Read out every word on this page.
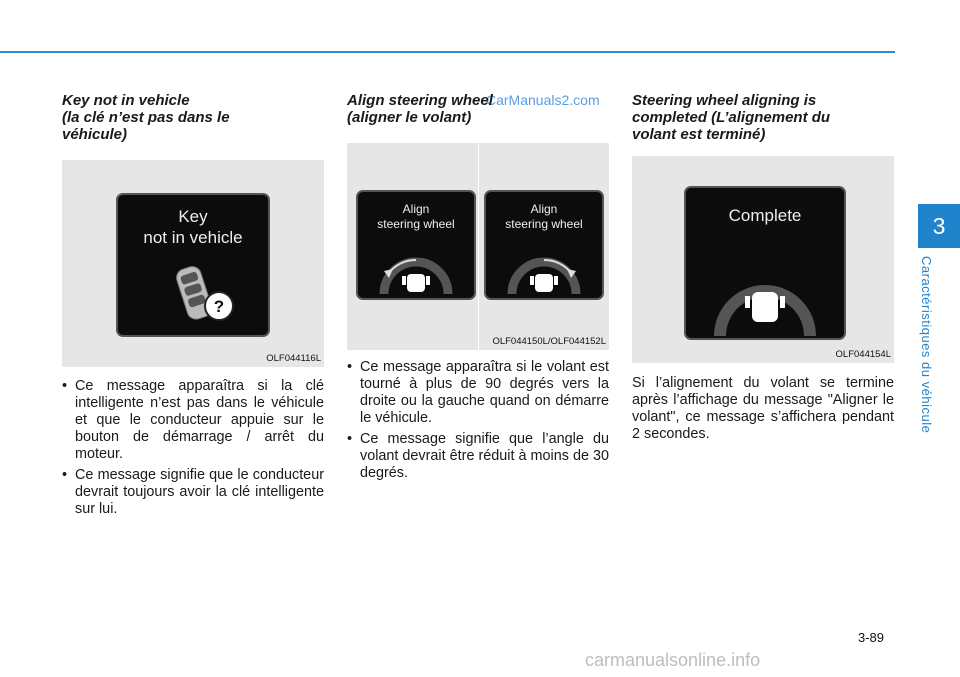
CarManuals2.com
Key not in vehicle
(la clé n’est pas dans le
véhicule)
Key
not in vehicle
?
OLF044116L
• Ce message apparaîtra si la clé intelligente n’est pas dans le véhicule et que le conducteur appuie sur le bouton de démarrage / arrêt du moteur.
• Ce message signifie que le conducteur devrait toujours avoir la clé intelligente sur lui.
Align steering wheel
(aligner le volant)
Align
steering wheel
Align
steering wheel
OLF044150L/OLF044152L
• Ce message apparaîtra si le volant est tourné à plus de 90 degrés vers la droite ou la gauche quand on démarre le véhicule.
• Ce message signifie que l’angle du volant devrait être réduit à moins de 30 degrés.
Steering wheel aligning is
completed (L’alignement du
volant est terminé)
Complete
OLF044154L

Si l’alignement du volant se termine après l’affichage du message "Aligner le volant", ce message s’affichera pendant 2 secondes.

3
Caractéristiques du véhicule
3-89
carmanualsonline.info
